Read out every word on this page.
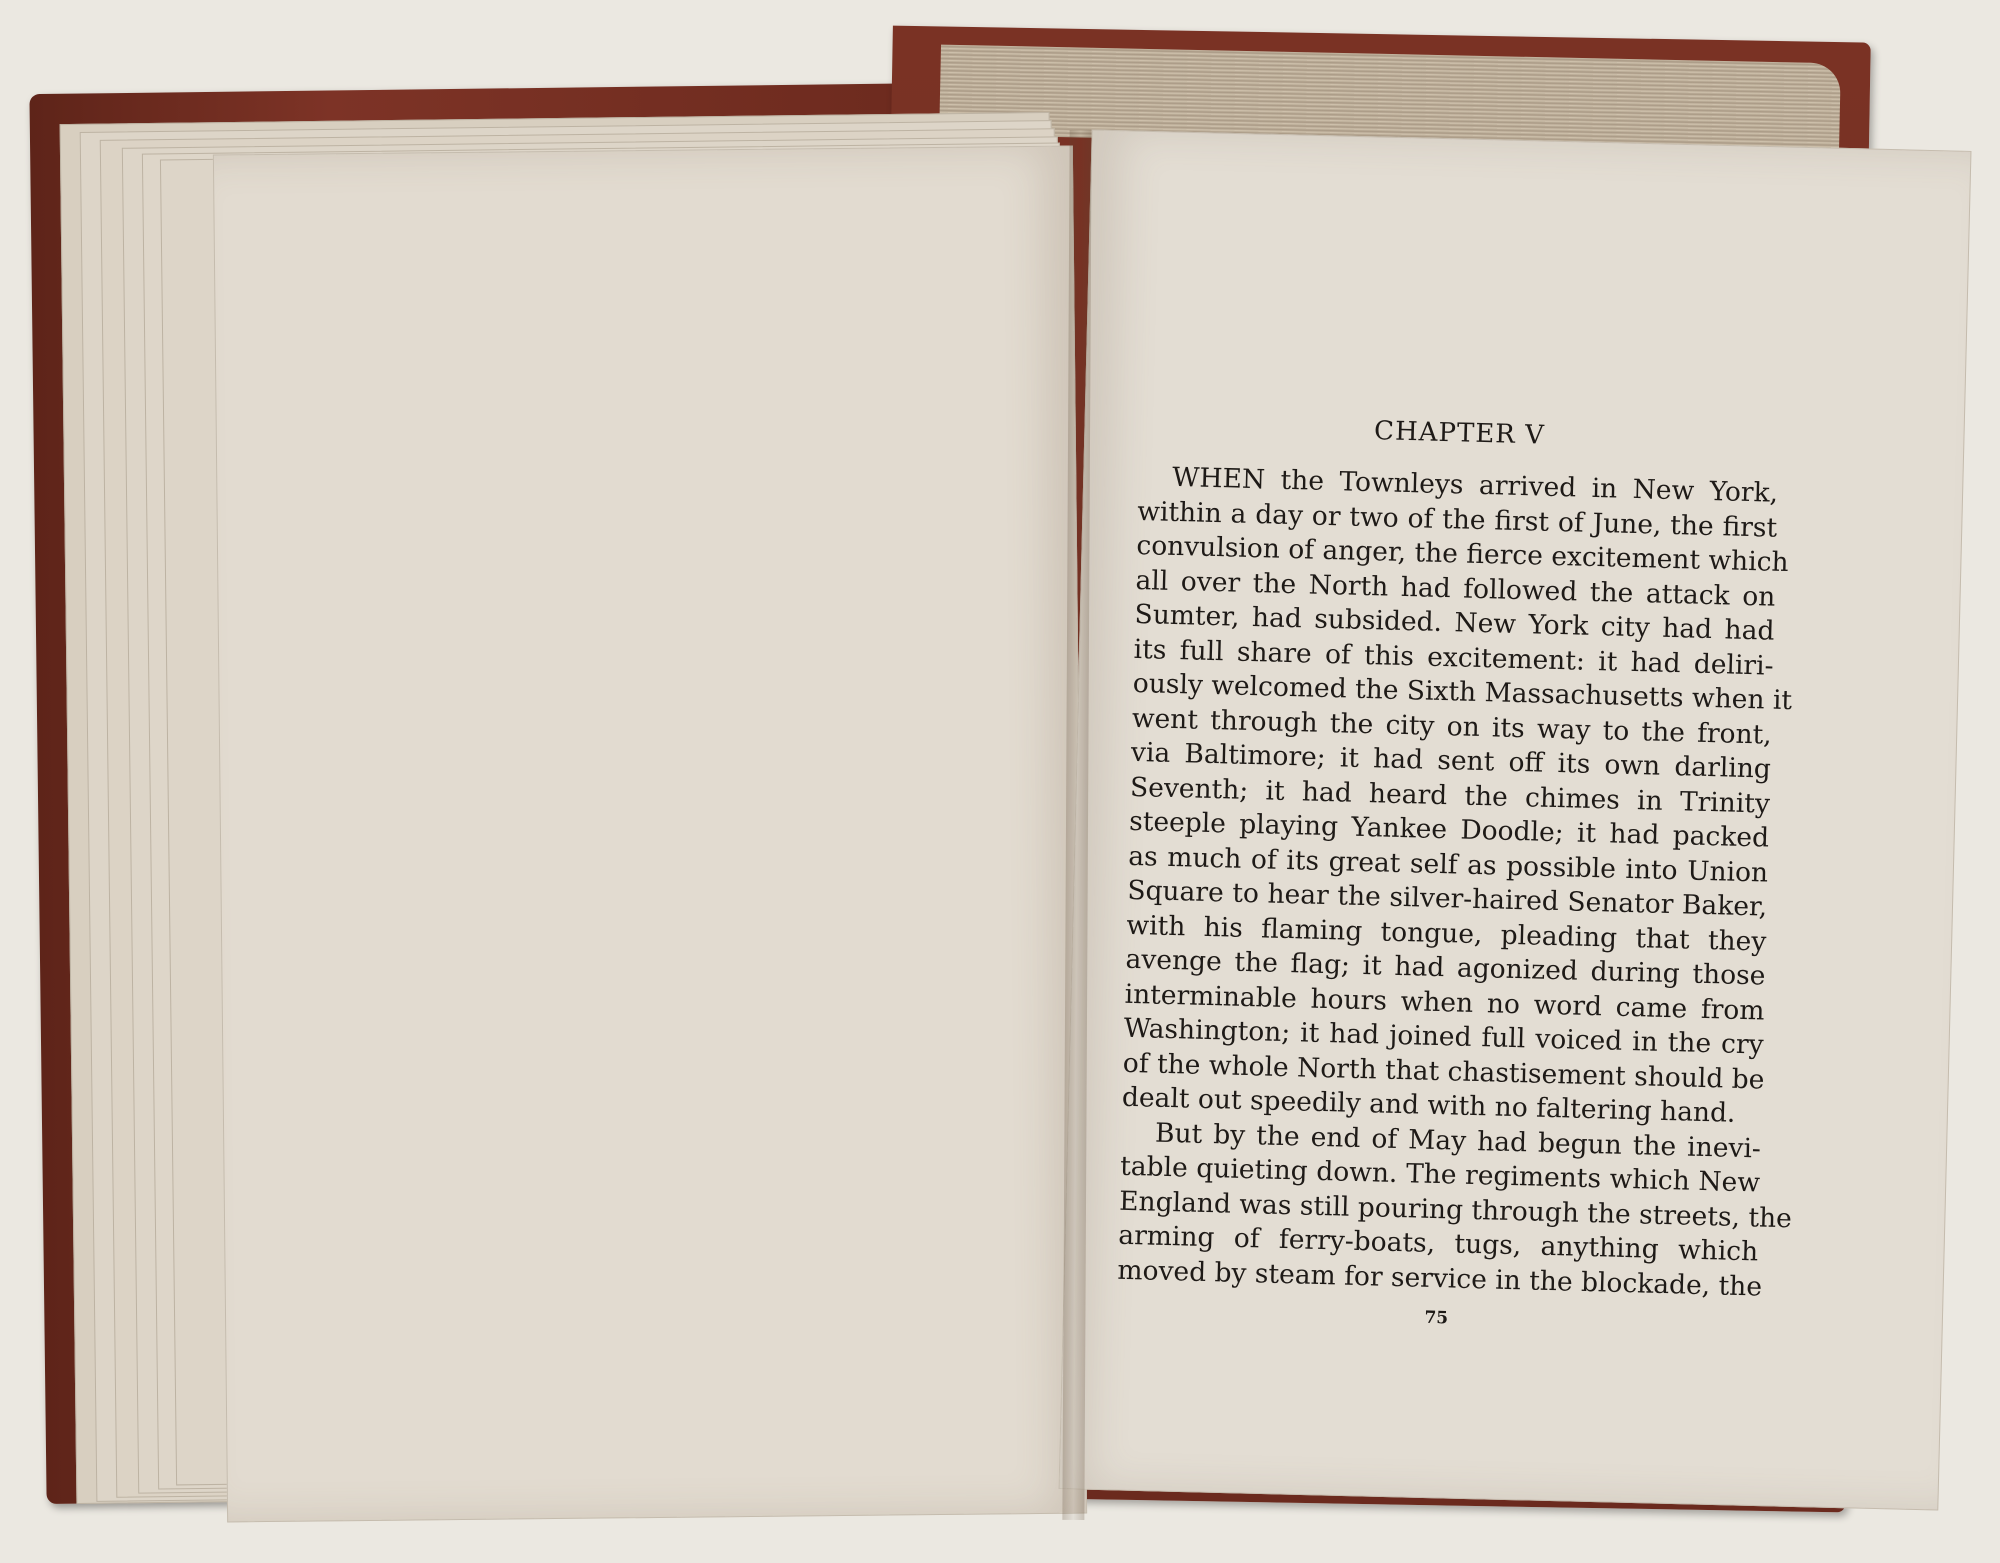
CHAPTER V
WHEN the Townleys arrived in New York,
within a day or two of the first of June, the first
convulsion of anger, the fierce excitement which
all over the North had followed the attack on
Sumter, had subsided. New York city had had
its full share of this excitement: it had deliri-
ously welcomed the Sixth Massachusetts when it
went through the city on its way to the front,
via Baltimore; it had sent off its own darling
Seventh; it had heard the chimes in Trinity
steeple playing Yankee Doodle; it had packed
as much of its great self as possible into Union
Square to hear the silver-haired Senator Baker,
with his flaming tongue, pleading that they
avenge the flag; it had agonized during those
interminable hours when no word came from
Washington; it had joined full voiced in the cry
of the whole North that chastisement should be
dealt out speedily and with no faltering hand.
But by the end of May had begun the inevi-
table quieting down. The regiments which New
England was still pouring through the streets, the
arming of ferry-boats, tugs, anything which
moved by steam for service in the blockade, the
75
